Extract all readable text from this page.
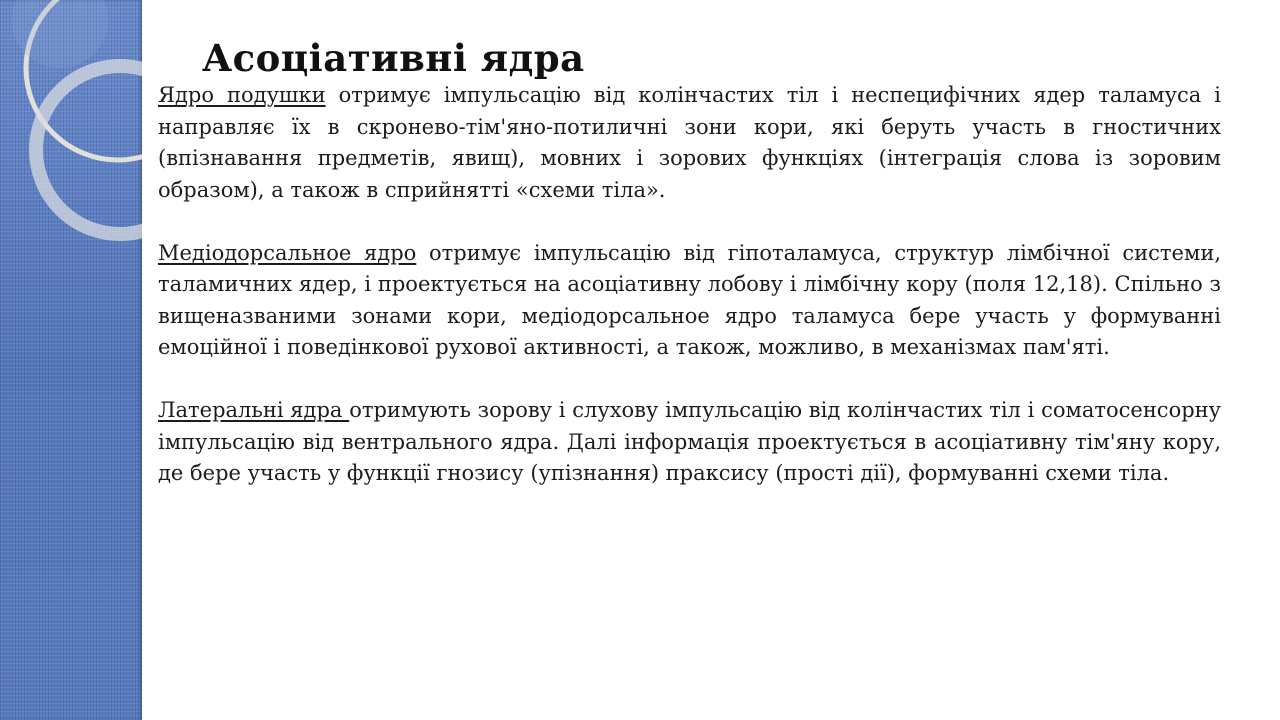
Асоціативні ядра

Ядро подушки отримує імпульсацію від колінчастих тіл і неспецифічних ядер таламуса і направляє їх в скронево-тім'яно-потиличні зони кори, які беруть участь в гностичних (впізнавання предметів, явищ), мовних і зорових функціях (інтеграція слова із зоровим образом), а також в сприйнятті «схеми тіла».

Медіодорсальное ядро отримує імпульсацію від гіпоталамуса, структур лімбічної системи, таламичних ядер, і проектується на асоціативну лобову і лімбічну кору (поля 12,18). Спільно з вищеназваними зонами кори, медіодорсальное ядро таламуса бере участь у формуванні емоційної і поведінкової рухової активності, а також, можливо, в механізмах пам'яті.

Латеральні ядра отримують зорову і слухову імпульсацію від колінчастих тіл і соматосенсорну імпульсацію від вентрального ядра. Далі інформація проектується в асоціативну тім'яну кору, де бере участь у функції гнозису (упізнання) праксису (прості дії), формуванні схеми тіла.
